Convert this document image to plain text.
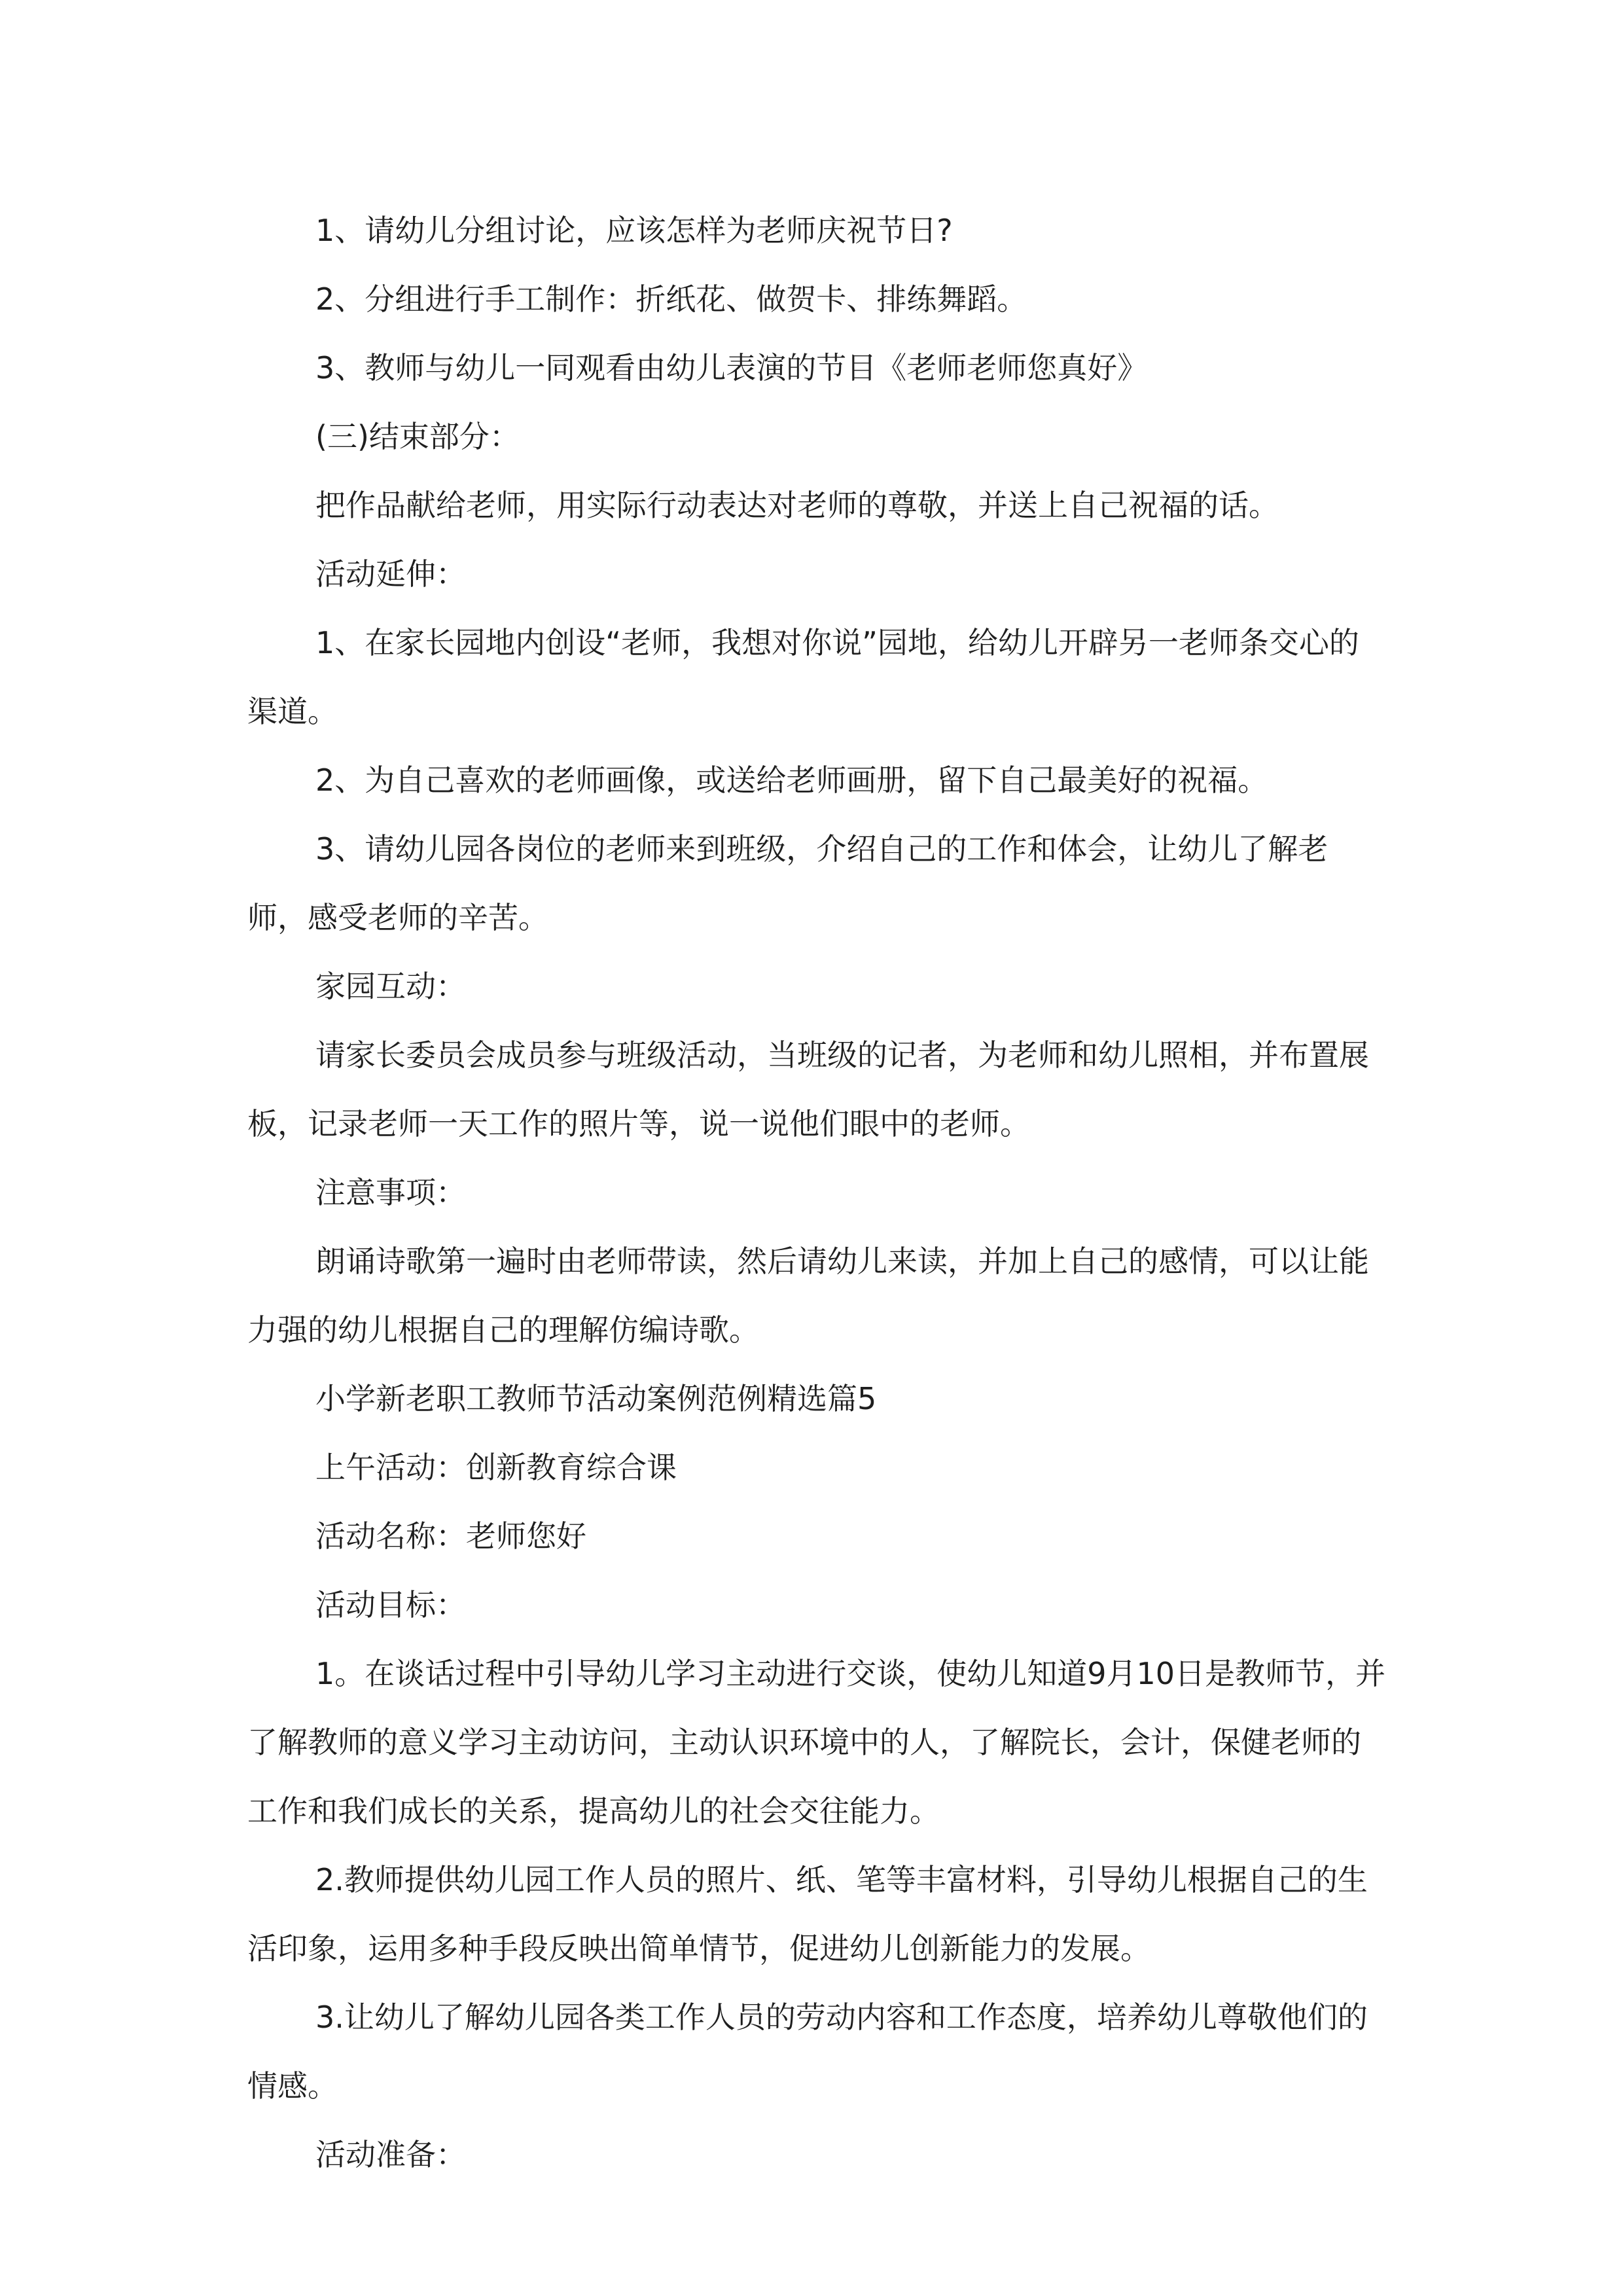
1、请幼儿分组讨论，应该怎样为老师庆祝节日?

2、分组进行手工制作：折纸花、做贺卡、排练舞蹈。

3、教师与幼儿一同观看由幼儿表演的节目《老师老师您真好》

(三)结束部分：

把作品献给老师，用实际行动表达对老师的尊敬，并送上自己祝福的话。

活动延伸：

1、在家长园地内创设“老师，我想对你说”园地，给幼儿开辟另一老师条交心的渠道。

2、为自己喜欢的老师画像，或送给老师画册，留下自己最美好的祝福。

3、请幼儿园各岗位的老师来到班级，介绍自己的工作和体会，让幼儿了解老师，感受老师的辛苦。

家园互动：

请家长委员会成员参与班级活动，当班级的记者，为老师和幼儿照相，并布置展板，记录老师一天工作的照片等，说一说他们眼中的老师。

注意事项：

朗诵诗歌第一遍时由老师带读，然后请幼儿来读，并加上自己的感情，可以让能力强的幼儿根据自己的理解仿编诗歌。

小学新老职工教师节活动案例范例精选篇5

上午活动：创新教育综合课

活动名称：老师您好

活动目标：

1。在谈话过程中引导幼儿学习主动进行交谈，使幼儿知道9月10日是教师节，并了解教师的意义学习主动访问，主动认识环境中的人，了解院长，会计，保健老师的工作和我们成长的关系，提高幼儿的社会交往能力。

2.教师提供幼儿园工作人员的照片、纸、笔等丰富材料，引导幼儿根据自己的生活印象，运用多种手段反映出简单情节，促进幼儿创新能力的发展。

3.让幼儿了解幼儿园各类工作人员的劳动内容和工作态度，培养幼儿尊敬他们的情感。

活动准备：
